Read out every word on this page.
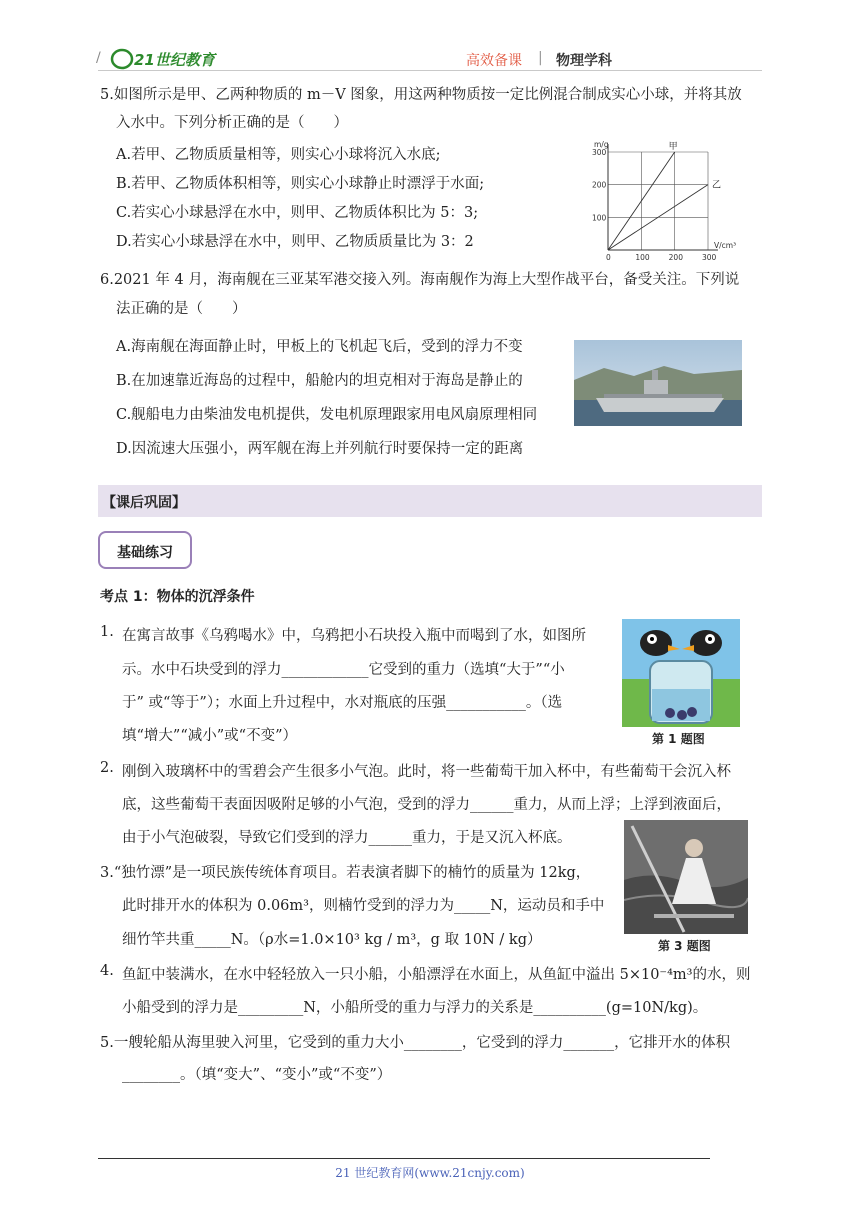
/ 21世纪教育	高效备课 | 物理学科
5.如图所示是甲、乙两种物质的 m－V 图象，用这两种物质按一定比例混合制成实心小球，并将其放
入水中。下列分析正确的是（　　）
A.若甲、乙物质质量相等，则实心小球将沉入水底;
B.若甲、乙物质体积相等，则实心小球静止时漂浮于水面;
C.若实心小球悬浮在水中，则甲、乙物质体积比为 5：3;
D.若实心小球悬浮在水中，则甲、乙物质质量比为 3：2
甲
乙
0	100	200	300
100
200
300
V/cm³
m/g
6.2021 年 4 月，海南舰在三亚某军港交接入列。海南舰作为海上大型作战平台，备受关注。下列说
法正确的是（　　）
A.海南舰在海面静止时，甲板上的飞机起飞后，受到的浮力不变
B.在加速靠近海岛的过程中，船舱内的坦克相对于海岛是静止的
C.舰船电力由柴油发电机提供，发电机原理跟家用电风扇原理相同
D.因流速大压强小，两军舰在海上并列航行时要保持一定的距离
【课后巩固】
基础练习
考点 1：物体的沉浮条件
1. 在寓言故事《乌鸦喝水》中，乌鸦把小石块投入瓶中而喝到了水，如图所
示。水中石块受到的浮力____________它受到的重力（选填“大于”“小
于” 或“等于”）；水面上升过程中，水对瓶底的压强___________。（选
填“增大”“减小”或“不变”）	第 1 题图
2. 刚倒入玻璃杯中的雪碧会产生很多小气泡。此时，将一些葡萄干加入杯中，有些葡萄干会沉入杯
底，这些葡萄干表面因吸附足够的小气泡，受到的浮力______重力，从而上浮；上浮到液面后，
由于小气泡破裂，导致它们受到的浮力______重力，于是又沉入杯底。
3.“独竹漂”是一项民族传统体育项目。若表演者脚下的楠竹的质量为 12kg，
此时排开水的体积为 0.06m³，则楠竹受到的浮力为_____N，运动员和手中
细竹竿共重_____N。（ρ水=1.0×10³ kg / m³，g 取 10N / kg）	第 3 题图
4. 鱼缸中装满水，在水中轻轻放入一只小船，小船漂浮在水面上，从鱼缸中溢出 5×10⁻⁴m³的水，则
小船受到的浮力是_________N，小船所受的重力与浮力的关系是__________(g=10N/kg)。
5.一艘轮船从海里驶入河里，它受到的重力大小________，它受到的浮力_______，它排开水的体积
________。（填“变大”、“变小”或“不变”）
21 世纪教育网(www.21cnjy.com)
